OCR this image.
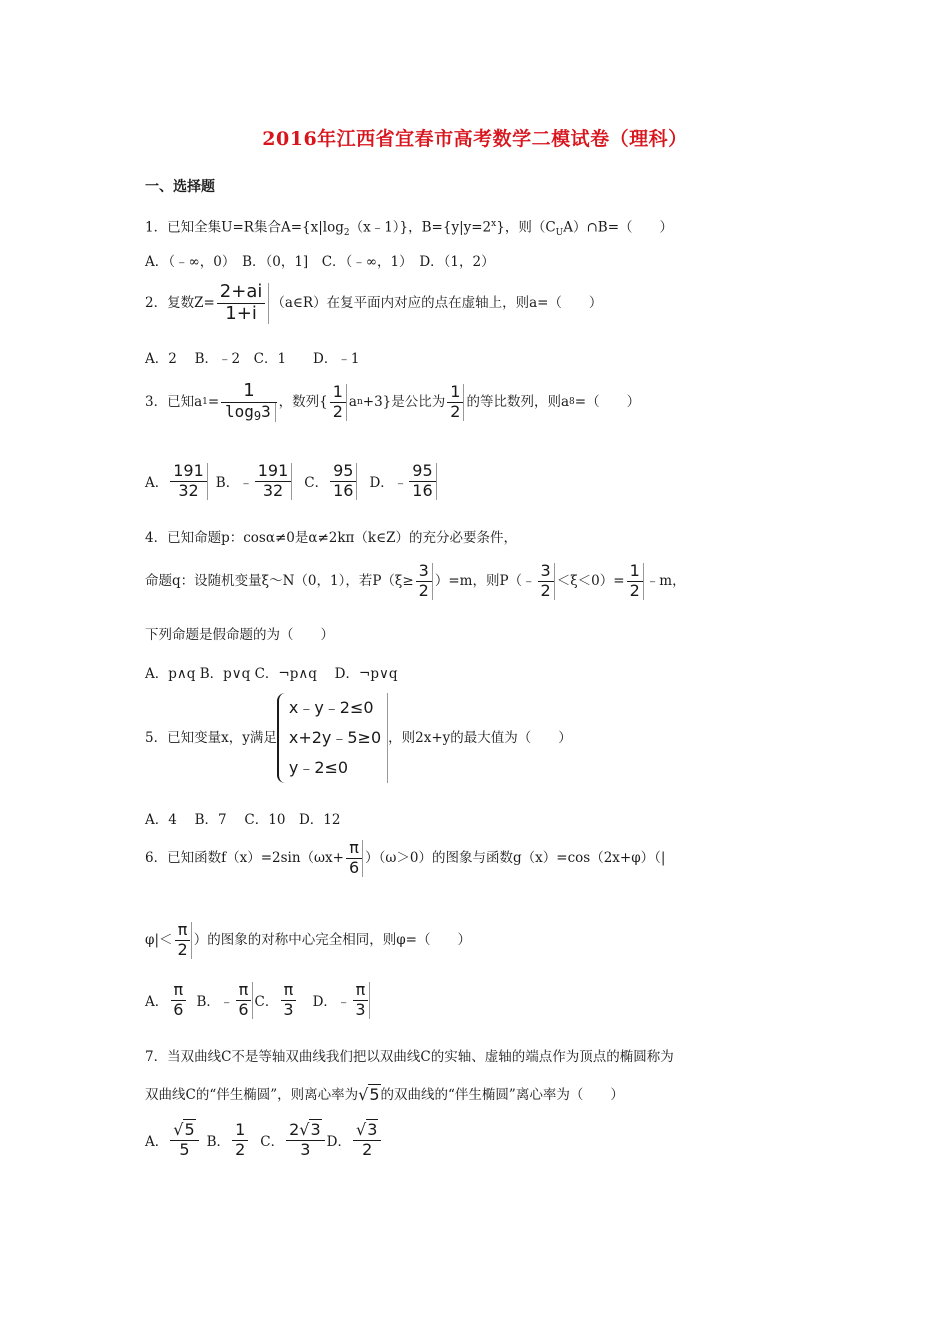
2016年江西省宜春市高考数学二模试卷（理科）
一、选择题
1．已知全集U=R集合$A=\{x|\log_2(x﹣1)\}$，$B=\{y|y=2^x\}$，则$(C_UA)\cap B=$（　　）
A．（﹣∞，0）　B．（0，1]　C．（﹣∞，1）　D．（1，2）
2．复数$Z= \frac{2+ai}{1+i}$ （a∈R）在复平面内对应的点在虚轴上，则a=（　　）
A．2　 B．﹣2　C．1　　D．﹣1
3．已知a $1 = \frac{1}{\log 93}$ ，数列{ $\frac{1}{2}$ a n +3}是公比为 $\frac{1}{2}$ 的等比数列，则a 8 =（　　）
A． $\frac{191}{32}$ B．﹣ $\frac{191}{32}$ C． $\frac{95}{16}$ D．﹣ $\frac{95}{16}$
4．已知命题p：cosα≠0是α≠2kπ（k∈Z）的充分必要条件，
命题q：设随机变量ξ～N（0，1），若$P(\xi\ge \frac{3}{2} )=m$，则P（﹣ $\frac{3}{2} <\xi<0)= \frac{1}{2}$ ﹣m，
下列命题是假命题的为（　　）
A．p∧q B．p∨q C．¬p∧q　 D．¬p∨q
5．已知变量x，y满足
x﹣y﹣2≤0
x+2y﹣5≥0
y﹣2≤0
，则2x+y的最大值为（　　）
A．4　 B．7　 C．10　D．12
6．已知函数$f(x)=2\sin(\omega x+ \frac{\pi}{6} )(\omega>0)$的图象与函数g（x）=cos（2x+φ）（|
$\varphi|< \frac{\pi}{2}$ ）的图象的对称中心完全相同，则φ=（　　）
A． $\frac{\pi}{6}$ B．﹣ $\frac{\pi}{6}$ C． $\frac{\pi}{3}$ D．﹣ $\frac{\pi}{3}$
7．当双曲线C不是等轴双曲线我们把以双曲线C的实轴、虚轴的端点作为顶点的椭圆称为
双曲线C的“伴生椭圆”，则离心率为 √5 的双曲线的“伴生椭圆”离心率为（　　）
A． $\frac{√5}{5}$ B． $\frac{1}{2}$ C． $\frac{2√3}{3}$ D． $\frac{√3}{2}$
